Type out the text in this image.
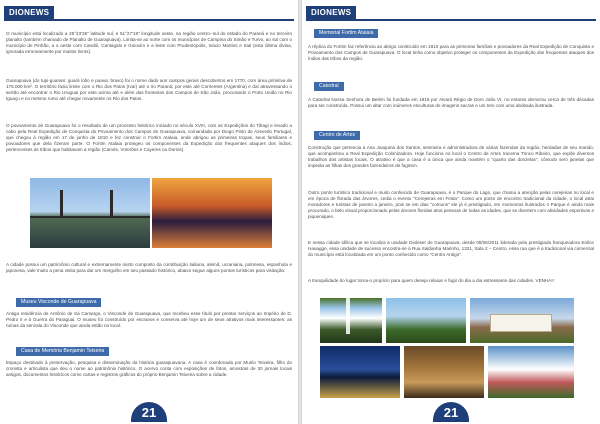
DIONEWS

O município está localizado a 25°23'36'' latitude sul, e 51°27'19'' longitude oeste, na região centro--sul do estado do Paraná e no terceiro planalto (também chamado de Planalto de Guarapuava). Limita-se ao norte com os municípios de Campina do Simão e Turvo, ao sul com o município de Pinhão, a o oeste com Candói, Cantagalo e Goioxim e a leste com Prudentópolis, Inácio Martins e Irati (esta última divisa, ignorada erroneamente por muitos livros).

Guarapuava (do tupi-guarani: guará lobo e puava: bravo) foi o nome dado aos campos gerais descobertos em 1770, com área primitiva de 175.000 km². O território fazia limite com o Rio dos Patos (Ivaí) até o rio Paraná; por este até Corrientes (Argentina) e daí atravessando o sertão até encontrar o Rio Uruguai por este acima até e além das fronteiras dos Campos de São João, procurando o Porto União no Rio Iguaçu e no mesmo rumo até chegar novamente no Rio dos Patos.

O povoamento de Guarapuava foi o resultado de um processo histórico iniciado no século XVIII, com as Expedições do Tibagi e levado a cabo pela Real Expedição de Conquista do Povoamento dos Campos de Guarapuava, comandada por Diogo Pinto de Azevedo Portugal, que chegou à região em 17 de junho de 1810 e fez construir o Fortim Atalaia, onde abrigou as primeiras tropas, seus familiares e povoadores que dela fizeram parte. O Fortim Atalaia protegeu os componentes da Expedição dos frequentes ataques dos índios, pertencentes às tribos que habitavam a região (Camés, Votorões e Cayeres ou Dorins).

A cidade possui um patrimônio cultural e extremamente misto composto da contribuição italiana, alemã, ucraniana, polonesa, espanhola e japonesa, vale muito a pena visita para dar um mergulho em seu passado histórico, abaixo segue alguns pontos turísticos para visitação:

Museu Visconde de Guarapuava

Antiga residência de Antônio de Sá Camargo, o Visconde de Guarapuava, que recebeu esse título por prestar serviços ao Império de D. Pedro II e à Guerra do Paraguai. O museu foi construído por escravos e conserva até hoje um de seus atrativos mais interessantes: as ruínas da senzala do Visconde que ainda estão no local.

Casa de Memória Benjamin Teixeira

Espaço destinado à preservação, pesquisa e disseminação da história guarapuavana. A casa é coordenada por Murilo Teixeira, filho do cronista e articulista que deu o nome ao patrimônio histórico. O acervo conta com exposições de fotos, amostras de 30 jornais locais antigos, documentos históricos como cartas e registros gráficos do próprio Benjamin Teixeira sobre a cidade.

21
DIONEWS
Memorial Fortim Atalaia

A réplica do Fortim faz referência ao abrigo construído em 1810 para as primeiras famílias e povoadores da Real Expedição de Conquista e Povoamento dos Campos de Guarapuava. O local tinha como objetivo proteger os componentes da Expedição dos frequentes ataques dos índios das tribos da região.

Catedral

A Catedral Nossa Senhora de Belém foi fundada em 1818 por Alvará Régio de Dom João VI, no entanto demorou cerca de três décadas para ser construída. Possui um altar com inúmeros esculturas de imagens sacras e um teto com uma abóbada ilustrada.

Centro de Artes

Construção que pertencia à Ana Joaquina dos Santos, sesmeira e administradora de várias fazendas da região, herdadas de seu marido, que acompanhou a Real Expedição Colonizadora. Hoje funciona no local o Centro de Artes Iracema Trinco Ribeiro, que expõe diversos trabalhos dos artistas locais. O atrativo é que a casa é a única que ainda mantém o "quarto das donzelas", cômodo sem janelas que impedia as filhas dos grandes fazendeiros de fugirem.

Outro ponto turístico tradicional e muito conhecido de Guarapuava, é o Parque do Lago, que chama a atenção pelas cerejeiras no local e em época de florada das árvores, cedia o evento "Cerejeiras em Festa". Como um ponto de encontro tradicional da cidade, o local atrai moradores e turistas de janeiro a janeiro, pois se em dias "comuns" ele já é prestigiado, em momentos ilustrados o Parque é ainda mais procurado, o belo visual proporcionado pelas árvores floridas atrai pessoas de todas as idades, que se divertem com atividades esportivas e piqueniques.

E nessa cidade idílica que se localiza a unidade Dioleser de Guarapuava, desde 08/06/2011 liderada pela prestigiada franqueadora Enilce Hauagge, essa unidade de sucesso encontra-se à Rua Saldanha Marinho, 1321, Sala 2 – Centro, essa rua que é a tradicional via comercial do município está localizada em um ponto conhecido como "Centro Antigo".

A tranquilidade do lugar torna-o propício para quem deseja relaxar e fugir do dia a dia estressante das cidades. VENHA!!

21
